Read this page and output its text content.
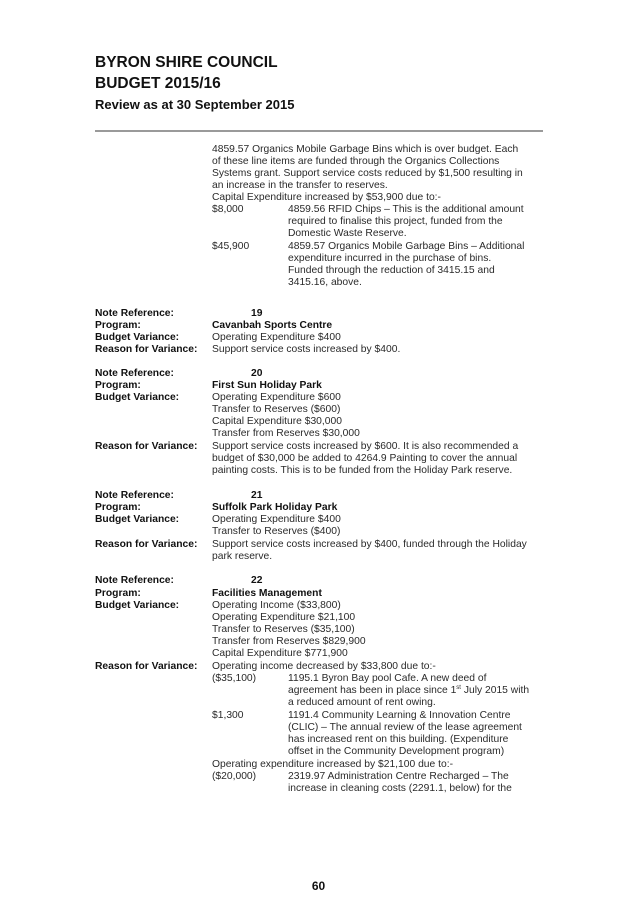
BYRON SHIRE COUNCIL
BUDGET 2015/16
Review as at 30 September 2015
4859.57 Organics Mobile Garbage Bins which is over budget. Each
of these line items are funded through the Organics Collections
Systems grant. Support service costs reduced by $1,500 resulting in
an increase in the transfer to reserves.
Capital Expenditure increased by $53,900 due to:-
$8,000	4859.56 RFID Chips – This is the additional amount
required to finalise this project, funded from the
Domestic Waste Reserve.
$45,900	4859.57 Organics Mobile Garbage Bins – Additional
expenditure incurred in the purchase of bins.
Funded through the reduction of 3415.15 and
3415.16, above.
Note Reference:	19
Program:	Cavanbah Sports Centre
Budget Variance:	Operating Expenditure $400
Reason for Variance: Support service costs increased by $400.
Note Reference:	20
Program:	First Sun Holiday Park
Budget Variance:	Operating Expenditure $600
Transfer to Reserves ($600)
Capital Expenditure $30,000
Transfer from Reserves $30,000
Reason for Variance: Support service costs increased by $600. It is also recommended a
budget of $30,000 be added to 4264.9 Painting to cover the annual
painting costs. This is to be funded from the Holiday Park reserve.
Note Reference:	21
Program:	Suffolk Park Holiday Park
Budget Variance:	Operating Expenditure $400
Transfer to Reserves ($400)
Reason for Variance: Support service costs increased by $400, funded through the Holiday
park reserve.
Note Reference:	22
Program:	Facilities Management
Budget Variance:	Operating Income ($33,800)
Operating Expenditure $21,100
Transfer to Reserves ($35,100)
Transfer from Reserves $829,900
Capital Expenditure $771,900
Reason for Variance: Operating income decreased by $33,800 due to:-
($35,100)	1195.1 Byron Bay pool Cafe. A new deed of
agreement has been in place since 1st July 2015 with
a reduced amount of rent owing.
$1,300	1191.4 Community Learning & Innovation Centre
(CLIC) – The annual review of the lease agreement
has increased rent on this building. (Expenditure
offset in the Community Development program)
Operating expenditure increased by $21,100 due to:-
($20,000)	2319.97 Administration Centre Recharged – The
increase in cleaning costs (2291.1, below) for the
60
